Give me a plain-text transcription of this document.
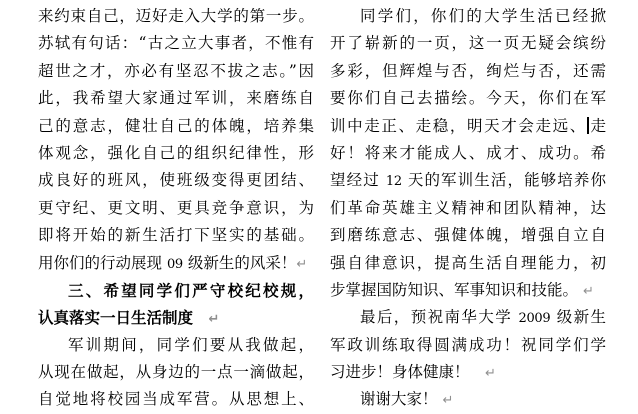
来约束自己，迈好走入大学的第一步。
苏轼有句话：“古之立大事者，不惟有
超世之才，亦必有坚忍不拔之志。”因
此，我希望大家通过军训，来磨练自
己的意志，健壮自己的体魄，培养集
体观念，强化自己的组织纪律性，形
成良好的班风，使班级变得更团结、
更守纪、更文明、更具竞争意识，为
即将开始的新生活打下坚实的基础。
用你们的行动展现 09 级新生的风采！↵
三、希望同学们严守校纪校规，
认真落实一日生活制度　↵
军训期间，同学们要从我做起，
从现在做起，从身边的一点一滴做起，
自觉地将校园当成军营。从思想上、
同学们，你们的大学生活已经掀
开了崭新的一页，这一页无疑会缤纷
多彩，但辉煌与否，绚烂与否，还需
要你们自己去描绘。今天，你们在军
训中走正、走稳，明天才会走远、 走
好！将来才能成人、成才、成功。希
望经过 12 天的军训生活，能够培养你
们革命英雄主义精神和团队精神，达
到磨练意志、强健体魄，增强自立自
强自律意识，提高生活自理能力，初
步掌握国防知识、军事知识和技能。 ↵
最后，预祝南华大学 2009 级新生
军政训练取得圆满成功！祝同学们学
习进步！身体健康！　↵
谢谢大家！ ↵
